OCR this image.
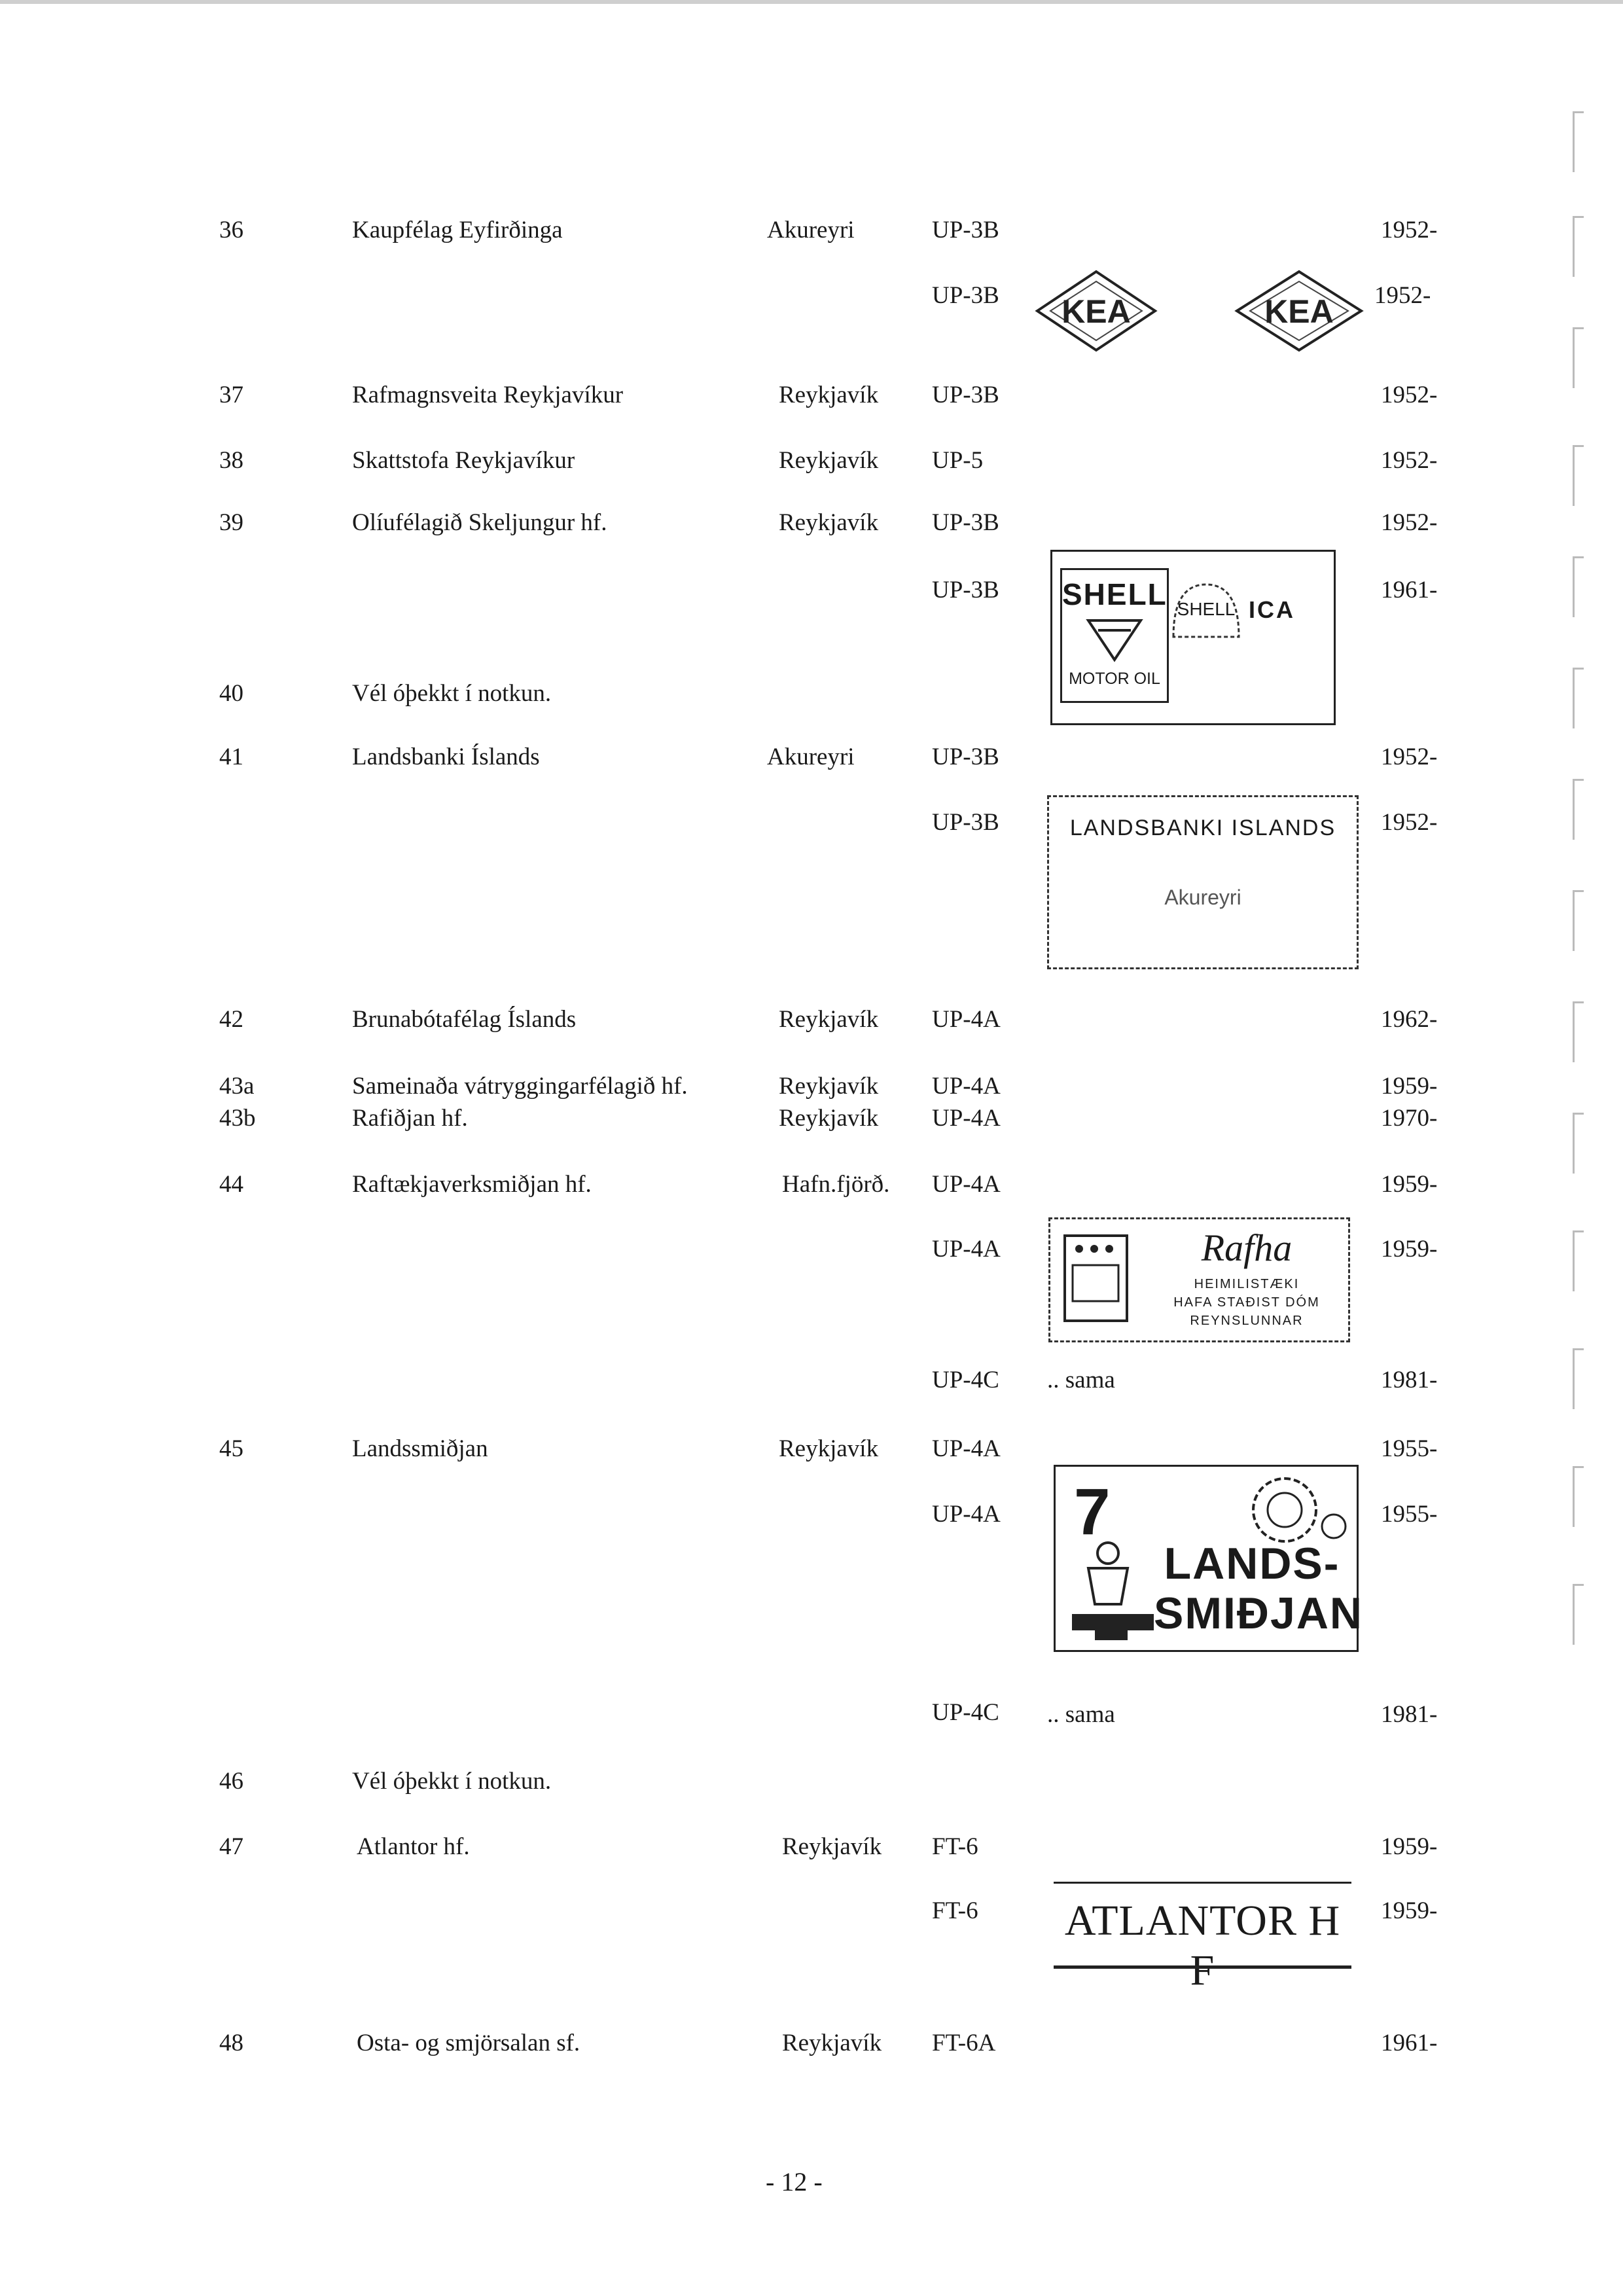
36	Kaupfélag Eyfirðinga	Akureyri	UP-3B	1952-
UP-3B	1952-
KEA	KEA
37	Rafmagnsveita Reykjavíkur	Reykjavík UP-3B	1952-
38	Skattstofa Reykjavíkur	Reykjavík UP-5	1952-
39	Olíufélagið Skeljungur hf.	Reykjavík UP-3B	1952-
UP-3B	1961-
SHELL
MOTOR OIL
SHELL ICA
40	Vél óþekkt í notkun.
41	Landsbanki Íslands	Akureyri	UP-3B	1952-
UP-3B	1952-
LANDSBANKI ISLANDS
Akureyri
42	Brunabótafélag Íslands	Reykjavík UP-4A	1962-
43a	Sameinaða vátryggingarfélagið hf.	Reykjavík UP-4A	1959-
43b	Rafiðjan hf.	Reykjavík UP-4A	1970-
44	Raftækjaverksmiðjan hf.	Hafn.fjörð. UP-4A	1959-
UP-4A	1959-
Rafha
HEIMILISTÆKI
HAFA STAÐIST DÓM
REYNSLUNNAR
UP-4C .. sama	1981-
45	Landssmiðjan	Reykjavík UP-4A	1955-
UP-4A	1955-
7
LANDS-
SMIÐJAN
UP-4C .. sama	1981-
46	Vél óþekkt í notkun.
47	Atlantor hf.	Reykjavík FT-6	1959-
FT-6	1959-
ATLANTOR H F
48	Osta- og smjörsalan sf.	Reykjavík FT-6A	1961-
- 12 -
